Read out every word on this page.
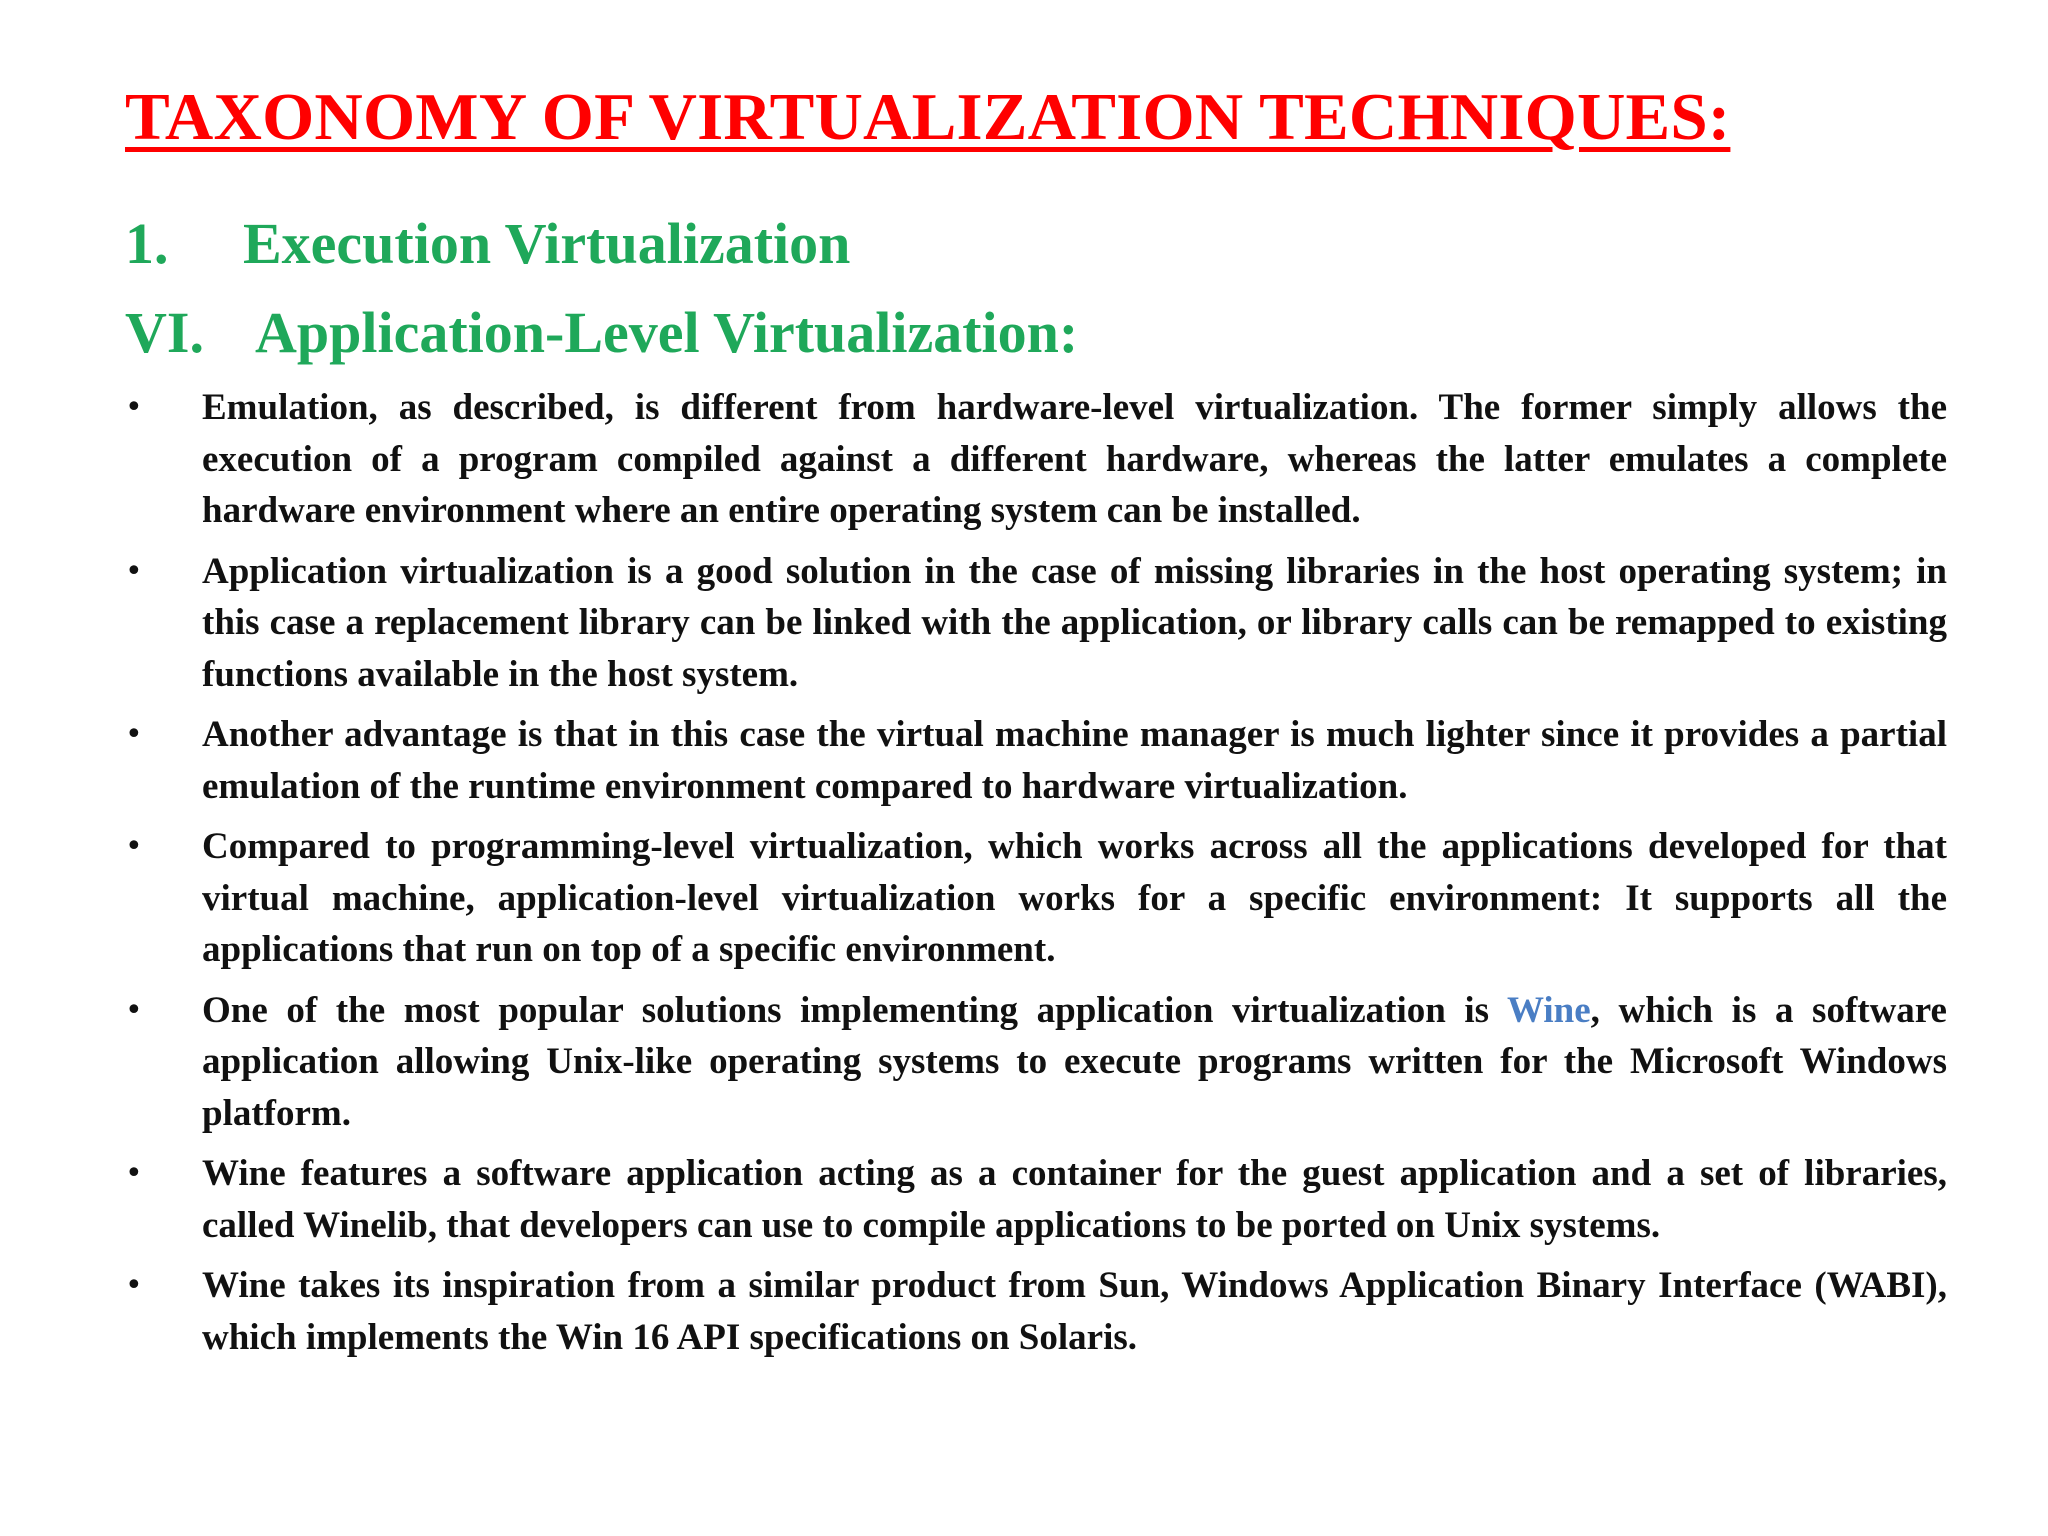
TAXONOMY OF VIRTUALIZATION TECHNIQUES:
1. Execution Virtualization
VI. Application-Level Virtualization:
• Emulation, as described, is different from hardware-level virtualization. The former simply allows the execution of a program compiled against a different hardware, whereas the latter emulates a complete hardware environment where an entire operating system can be installed.
• Application virtualization is a good solution in the case of missing libraries in the host operating system; in this case a replacement library can be linked with the application, or library calls can be remapped to existing functions available in the host system.
• Another advantage is that in this case the virtual machine manager is much lighter since it provides a partial emulation of the runtime environment compared to hardware virtualization.
• Compared to programming-level virtualization, which works across all the applications developed for that virtual machine, application-level virtualization works for a specific environment: It supports all the applications that run on top of a specific environment.
• One of the most popular solutions implementing application virtualization is Wine, which is a software application allowing Unix-like operating systems to execute programs written for the Microsoft Windows platform.
• Wine features a software application acting as a container for the guest application and a set of libraries, called Winelib, that developers can use to compile applications to be ported on Unix systems.
• Wine takes its inspiration from a similar product from Sun, Windows Application Binary Interface (WABI), which implements the Win 16 API specifications on Solaris.
